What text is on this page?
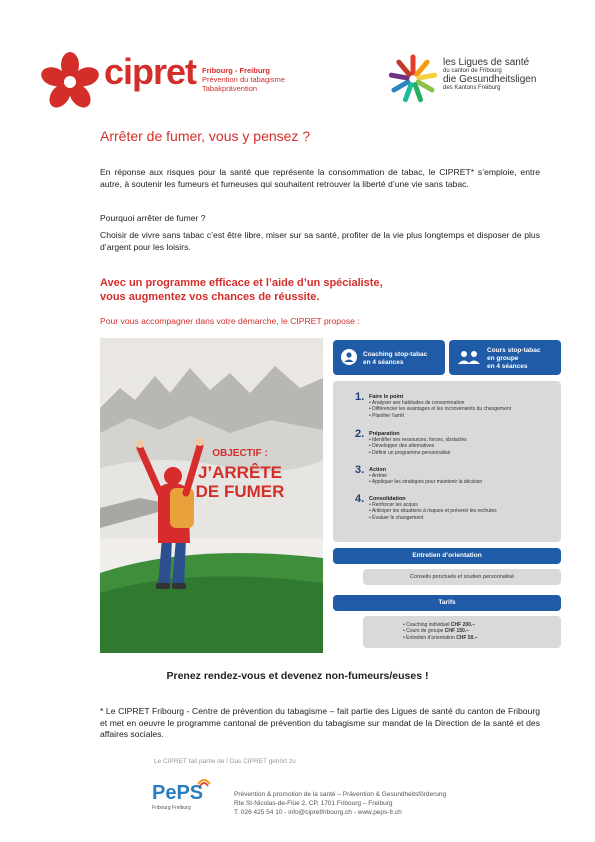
cipret Fribourg - Freiburg
Prévention du tabagisme
Tabakprävention
les Ligues de santé
du canton de Fribourg
die Gesundheitsligen
des Kantons Freiburg
Arrêter de fumer, vous y pensez ?
En réponse aux risques pour la santé que représente la consommation de tabac, le CIPRET* s’emploie, entre autre, à soutenir les fumeurs et fumeuses qui souhaitent retrouver la liberté d’une vie sans tabac.
Pourquoi arrêter de fumer ?
Choisir de vivre sans tabac c’est être libre, miser sur sa santé, profiter de la vie plus longtemps et disposer de plus d’argent pour les loisirs.
Avec un programme efficace et l’aide d’un spécialiste,
vous augmentez vos chances de réussite.
Pour vous accompagner dans votre démarche, le CIPRET propose :
OBJECTIF :
J’ARRÊTE
DE FUMER
Coaching stop-tabac
en 4 séances
Cours stop-tabac
en groupe
en 4 séances
1. Faire le point
• Analyser ses habitudes de consommation
• Différencier les avantages et les inconvénients du changement
• Planifier l’arrêt
2. Préparation
• Identifier ses ressources, forces, obstacles
• Développer des alternatives
• Définir un programme personnalisé
3. Action
• Arrêter
• Appliquer les stratégies pour maintenir la décision
4. Consolidation
• Renforcer les acquis
• Anticiper les situations à risques et prévenir les rechutes
• Évaluer le changement
Entretien d’orientation
Conseils ponctuels et soutien personnalisé
Tarifs
• Coaching individuel CHF 200.–
• Cours de groupe CHF 150.–
• Entretien d’orientation CHF 50.–
Prenez rendez-vous et devenez non-fumeurs/euses !
* Le CIPRET Fribourg - Centre de prévention du tabagisme – fait partie des Ligues de santé du canton de Fribourg et met en oeuvre le programme cantonal de prévention du tabagisme sur mandat de la Direction de la santé et des affaires sociales.
Le CIPRET fait partie de / Das CIPRET gehört zu
PePS
Fribourg Freiburg
Prévention & promotion de la santé – Prävention & Gesundheitsförderung
Rte St-Nicolas-de-Flüe 2, CP, 1701 Fribourg – Freiburg
T. 026 425 54 10 - info@cipretfribourg.ch - www.peps-fr.ch
